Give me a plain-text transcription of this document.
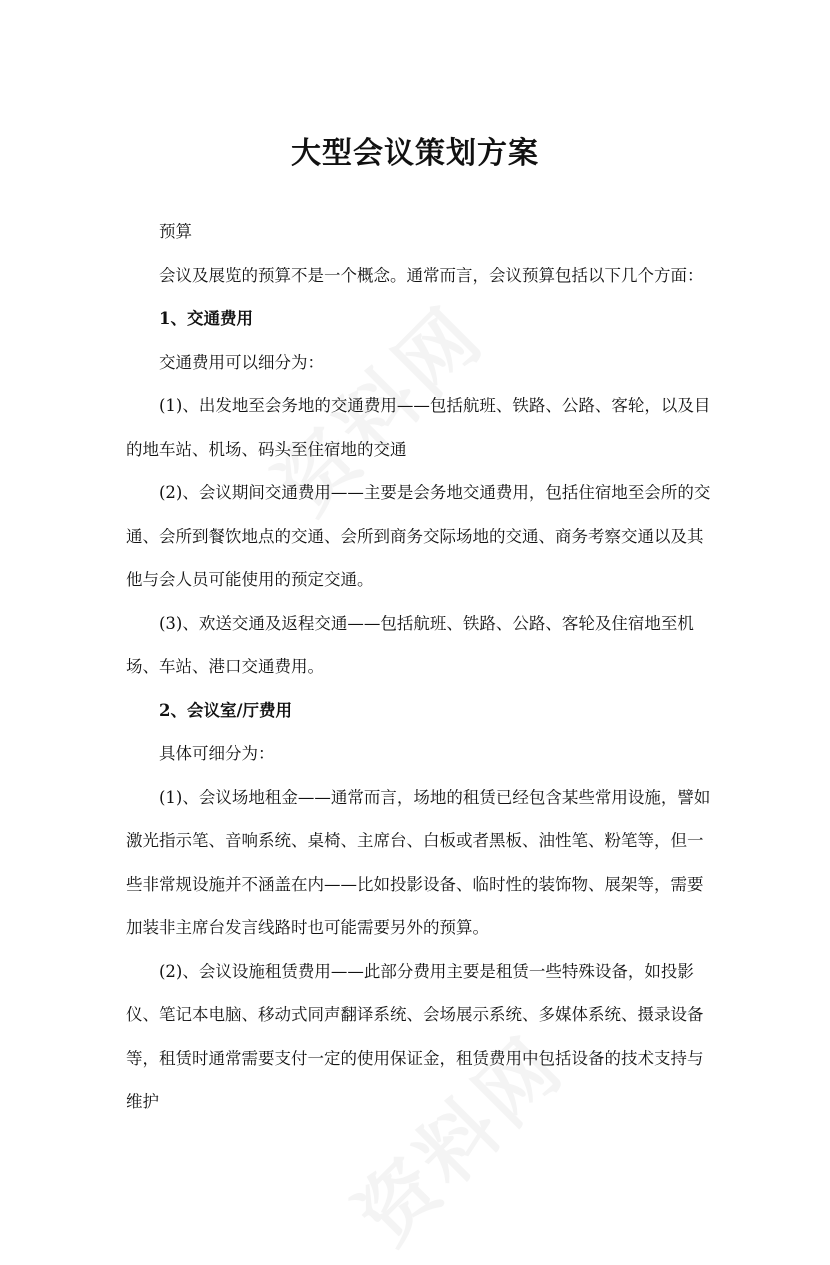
大型会议策划方案

预算

会议及展览的预算不是一个概念。通常而言，会议预算包括以下几个方面：

1、交通费用

交通费用可以细分为：

(1)、出发地至会务地的交通费用——包括航班、铁路、公路、客轮，以及目的地车站、机场、码头至住宿地的交通

(2)、会议期间交通费用——主要是会务地交通费用，包括住宿地至会所的交通、会所到餐饮地点的交通、会所到商务交际场地的交通、商务考察交通以及其他与会人员可能使用的预定交通。

(3)、欢送交通及返程交通——包括航班、铁路、公路、客轮及住宿地至机场、车站、港口交通费用。

2、会议室/厅费用

具体可细分为：

(1)、会议场地租金——通常而言，场地的租赁已经包含某些常用设施，譬如激光指示笔、音响系统、桌椅、主席台、白板或者黑板、油性笔、粉笔等，但一些非常规设施并不涵盖在内——比如投影设备、临时性的装饰物、展架等，需要加装非主席台发言线路时也可能需要另外的预算。

(2)、会议设施租赁费用——此部分费用主要是租赁一些特殊设备，如投影仪、笔记本电脑、移动式同声翻译系统、会场展示系统、多媒体系统、摄录设备等，租赁时通常需要支付一定的使用保证金，租赁费用中包括设备的技术支持与维护
